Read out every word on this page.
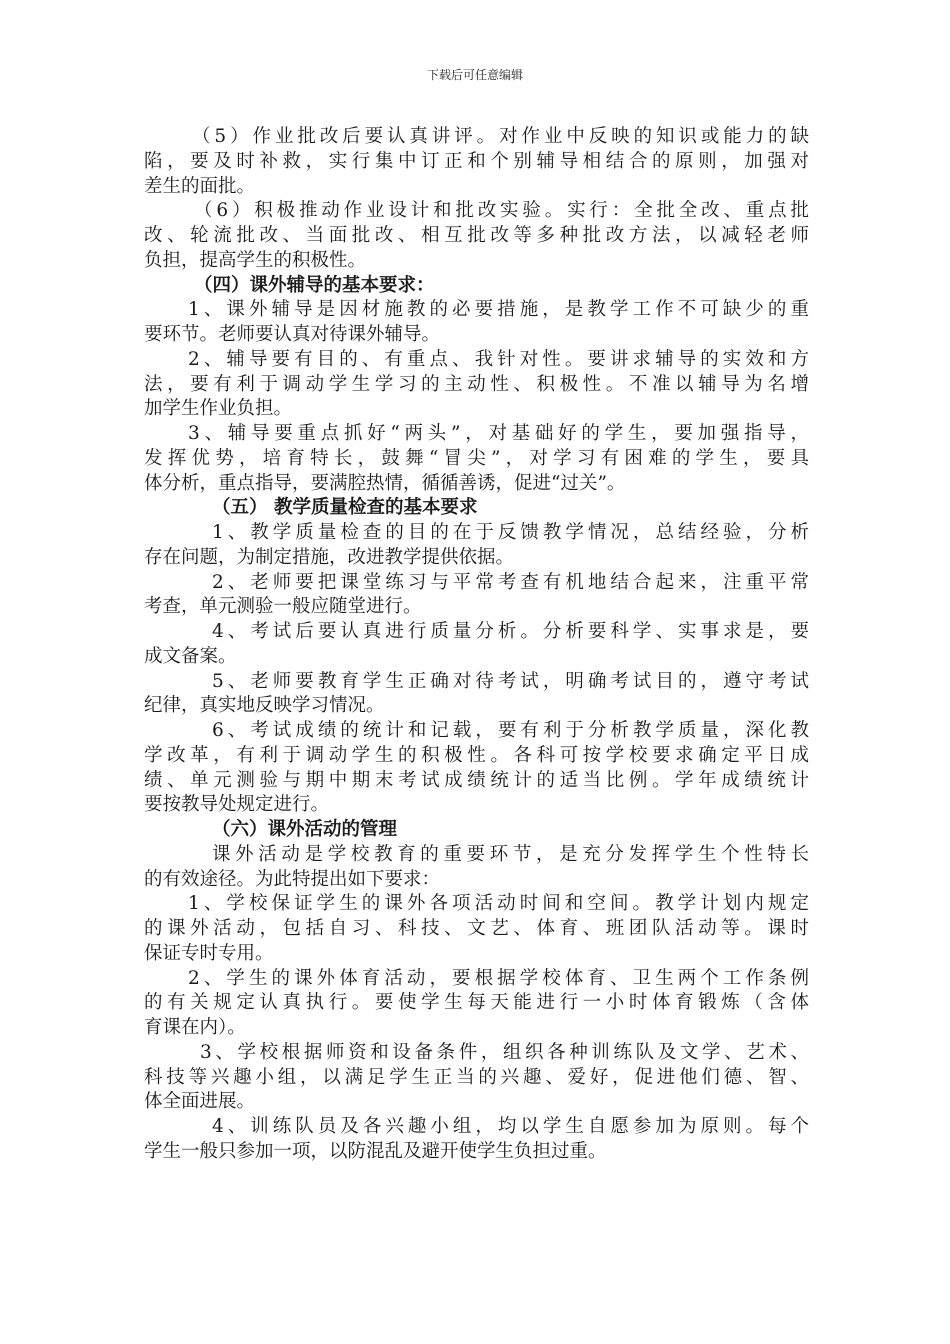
下载后可任意编辑
（5）作业批改后要认真讲评。对作业中反映的知识或能力的缺
陷，要及时补救，实行集中订正和个别辅导相结合的原则，加强对
差生的面批。
（6）积极推动作业设计和批改实验。实行：全批全改、重点批
改、轮流批改、当面批改、相互批改等多种批改方法，以减轻老师
负担，提高学生的积极性。
（四）课外辅导的基本要求：
1、课外辅导是因材施教的必要措施，是教学工作不可缺少的重
要环节。老师要认真对待课外辅导。
2、辅导要有目的、有重点、我针对性。要讲求辅导的实效和方
法，要有利于调动学生学习的主动性、积极性。不准以辅导为名增
加学生作业负担。
3、辅导要重点抓好“两头”，对基础好的学生，要加强指导，
发挥优势，培育特长，鼓舞“冒尖”，对学习有困难的学生，要具
体分析，重点指导，要满腔热情，循循善诱，促进“过关”。
（五） 教学质量检查的基本要求
1、教学质量检查的目的在于反馈教学情况，总结经验，分析
存在问题，为制定措施，改进教学提供依据。
2、老师要把课堂练习与平常考查有机地结合起来，注重平常
考查，单元测验一般应随堂进行。
4、考试后要认真进行质量分析。分析要科学、实事求是，要
成文备案。
5、老师要教育学生正确对待考试，明确考试目的，遵守考试
纪律，真实地反映学习情况。
6、考试成绩的统计和记载，要有利于分析教学质量，深化教
学改革，有利于调动学生的积极性。各科可按学校要求确定平日成
绩、单元测验与期中期末考试成绩统计的适当比例。学年成绩统计
要按教导处规定进行。
（六）课外活动的管理
课外活动是学校教育的重要环节，是充分发挥学生个性特长
的有效途径。为此特提出如下要求：
1、学校保证学生的课外各项活动时间和空间。教学计划内规定
的课外活动，包括自习、科技、文艺、体育、班团队活动等。课时
保证专时专用。
2、学生的课外体育活动，要根据学校体育、卫生两个工作条例
的有关规定认真执行。要使学生每天能进行一小时体育锻炼（含体
育课在内）。
3、学校根据师资和设备条件，组织各种训练队及文学、艺术、
科技等兴趣小组，以满足学生正当的兴趣、爱好，促进他们德、智、
体全面进展。
4、训练队员及各兴趣小组，均以学生自愿参加为原则。每个
学生一般只参加一项，以防混乱及避开使学生负担过重。
